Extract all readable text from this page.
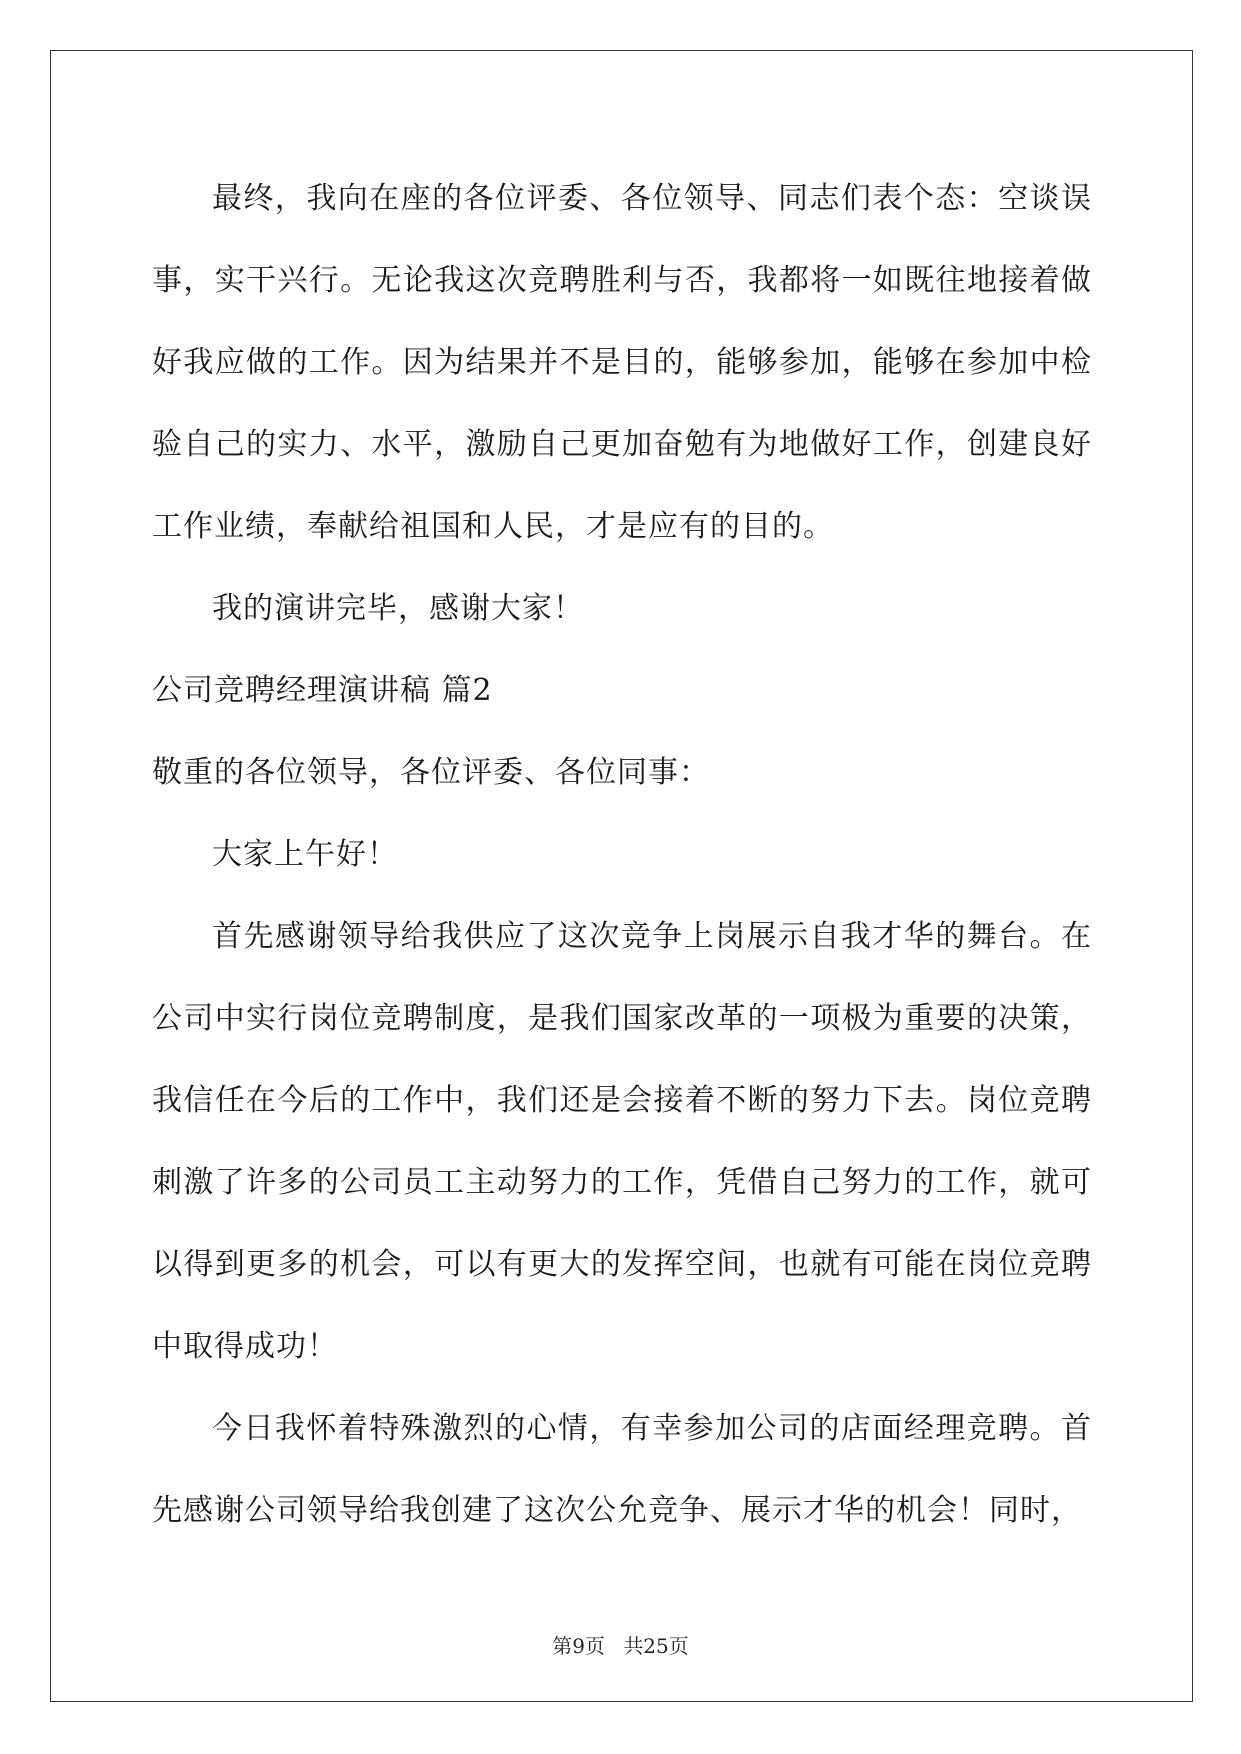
最终，我向在座的各位评委、各位领导、同志们表个态：空谈误事，实干兴行。无论我这次竞聘胜利与否，我都将一如既往地接着做好我应做的工作。因为结果并不是目的，能够参加，能够在参加中检验自己的实力、水平，激励自己更加奋勉有为地做好工作，创建良好工作业绩，奉献给祖国和人民，才是应有的目的。

我的演讲完毕，感谢大家！

公司竞聘经理演讲稿 篇2

敬重的各位领导，各位评委、各位同事：

大家上午好！

首先感谢领导给我供应了这次竞争上岗展示自我才华的舞台。在公司中实行岗位竞聘制度，是我们国家改革的一项极为重要的决策，我信任在今后的工作中，我们还是会接着不断的努力下去。岗位竞聘刺激了许多的公司员工主动努力的工作，凭借自己努力的工作，就可以得到更多的机会，可以有更大的发挥空间，也就有可能在岗位竞聘中取得成功！

今日我怀着特殊激烈的心情，有幸参加公司的店面经理竞聘。首先感谢公司领导给我创建了这次公允竞争、展示才华的机会！同时，

第9页 共25页
